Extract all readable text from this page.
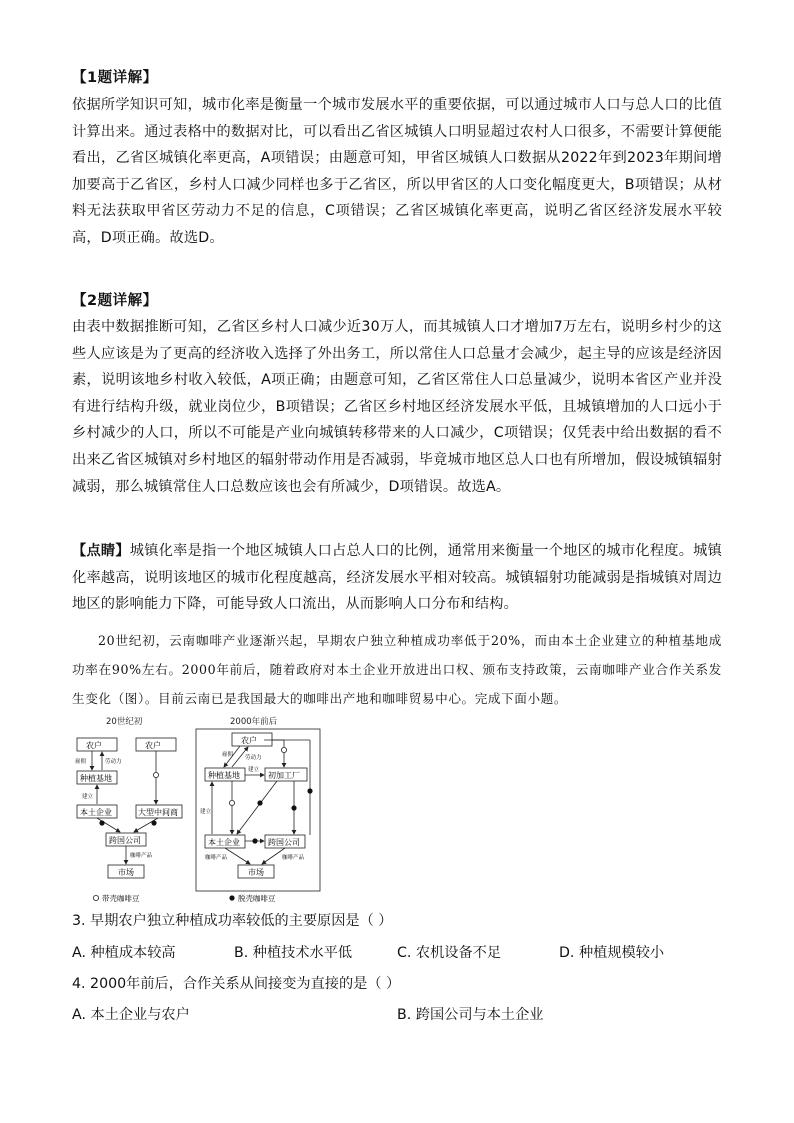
【1题详解】

依据所学知识可知，城市化率是衡量一个城市发展水平的重要依据，可以通过城市人口与总人口的比值计算出来。通过表格中的数据对比，可以看出乙省区城镇人口明显超过农村人口很多，不需要计算便能看出，乙省区城镇化率更高，A项错误；由题意可知，甲省区城镇人口数据从2022年到2023年期间增加要高于乙省区，乡村人口减少同样也多于乙省区，所以甲省区的人口变化幅度更大，B项错误；从材料无法获取甲省区劳动力不足的信息，C项错误；乙省区城镇化率更高，说明乙省区经济发展水平较高，D项正确。故选D。

【2题详解】

由表中数据推断可知，乙省区乡村人口减少近30万人，而其城镇人口才增加7万左右，说明乡村少的这些人应该是为了更高的经济收入选择了外出务工，所以常住人口总量才会减少，起主导的应该是经济因素，说明该地乡村收入较低，A项正确；由题意可知，乙省区常住人口总量减少，说明本省区产业并没有进行结构升级，就业岗位少，B项错误；乙省区乡村地区经济发展水平低，且城镇增加的人口远小于乡村减少的人口，所以不可能是产业向城镇转移带来的人口减少，C项错误；仅凭表中给出数据的看不出来乙省区城镇对乡村地区的辐射带动作用是否减弱，毕竟城市地区总人口也有所增加，假设城镇辐射减弱，那么城镇常住人口总数应该也会有所减少，D项错误。故选A。

【点睛】城镇化率是指一个地区城镇人口占总人口的比例，通常用来衡量一个地区的城市化程度。城镇化率越高，说明该地区的城市化程度越高，经济发展水平相对较高。城镇辐射功能减弱是指城镇对周边地区的影响能力下降，可能导致人口流出，从而影响人口分布和结构。

20世纪初，云南咖啡产业逐渐兴起，早期农户独立种植成功率低于20%，而由本土企业建立的种植基地成功率在90%左右。2000年前后，随着政府对本土企业开放进出口权、颁布支持政策，云南咖啡产业合作关系发生变化（图）。目前云南已是我国最大的咖啡出产地和咖啡贸易中心。完成下面小题。
20世纪初	2000年前后
农户	农户
种植基地
本土企业	大型中间商
跨国公司
市场
雇佣	劳动力
建立
咖啡产品
农户
种植基地	初加工厂
本土企业	跨国公司
市场
雇佣 劳动力
建立
建立
咖啡产品	咖啡产品
带壳咖啡豆	脱壳咖啡豆
3. 早期农户独立种植成功率较低的主要原因是（ ）
A. 种植成本较高	B. 种植技术水平低	C. 农机设备不足	D. 种植规模较小
4. 2000年前后，合作关系从间接变为直接的是（ ）
A. 本土企业与农户	B. 跨国公司与本土企业
